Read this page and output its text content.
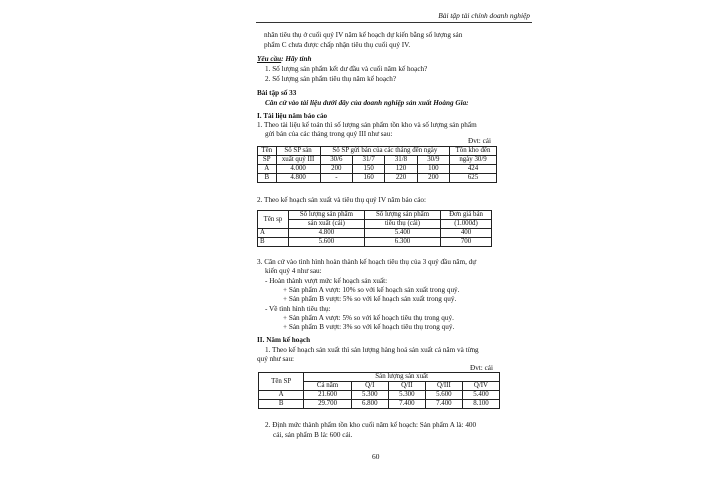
Bài tập tài chính doanh nghiệp
nhân tiêu thụ ở cuối quý IV năm kế hoạch dự kiến bằng số lượng sản
phẩm C chưa được chấp nhận tiêu thụ cuối quý IV.
Yêu cầu: Hãy tính
1. Số lượng sản phẩm kết dư đầu và cuối năm kế hoạch?
2. Số lượng sản phẩm tiêu thụ năm kế hoạch?
Bài tập số 33
Căn cứ vào tài liệu dưới đây của doanh nghiệp sản xuất Hoàng Gia:
I. Tài liệu năm báo cáo
1. Theo tài liệu kế toán thì số lượng sản phẩm tồn kho và số lượng sản phẩm
gửi bán của các tháng trong quý III như sau:
Đvt: cái
Tên	Số SP sản	Số SP gửi bán của các tháng đến ngày				Tồn kho đến
SP	xuất quý III	30/6	31/7	31/8	30/9	ngày 30/9
A	4.000	200	150	120	100	424
B	4.800	-	160	220	200	625
2. Theo kế hoạch sản xuất và tiêu thụ quý IV năm báo cáo:
Tên sp	Số lượng sản phẩm	Số lượng sản phẩm	Đơn giá bán
	sản xuất (cái)	tiêu thụ (cái)	(1.000đ)
A	4.800	5.400	400
B	5.600	6.300	700
3. Căn cứ vào tình hình hoàn thành kế hoạch tiêu thụ của 3 quý đầu năm, dự
kiến quý 4 như sau:
- Hoàn thành vượt mức kế hoạch sản xuất:
+ Sản phẩm A vượt: 10% so với kế hoạch sản xuất trong quý.
+ Sản phẩm B vượt: 5% so với kế hoạch sản xuất trong quý.
- Về tình hình tiêu thụ:
+ Sản phẩm A vượt: 5% so với kế hoạch tiêu thụ trong quý.
+ Sản phẩm B vượt: 3% so với kế hoạch tiêu thụ trong quý.
II. Năm kế hoạch
1. Theo kế hoạch sản xuất thì sản lượng hàng hoá sản xuất cả năm và từng
quý như sau:
Đvt: cái
Tên SP	Sản lượng sản xuất				
	Cả năm	Q/I	Q/II	Q/III	Q/IV
A	21.600	5.300	5.300	5.600	5.400
B	29.700	6.800	7.400	7.400	8.100
2. Định mức thành phẩm tồn kho cuối năm kế hoạch: Sản phẩm A là: 400
cái, sản phẩm B là: 600 cái.
60
